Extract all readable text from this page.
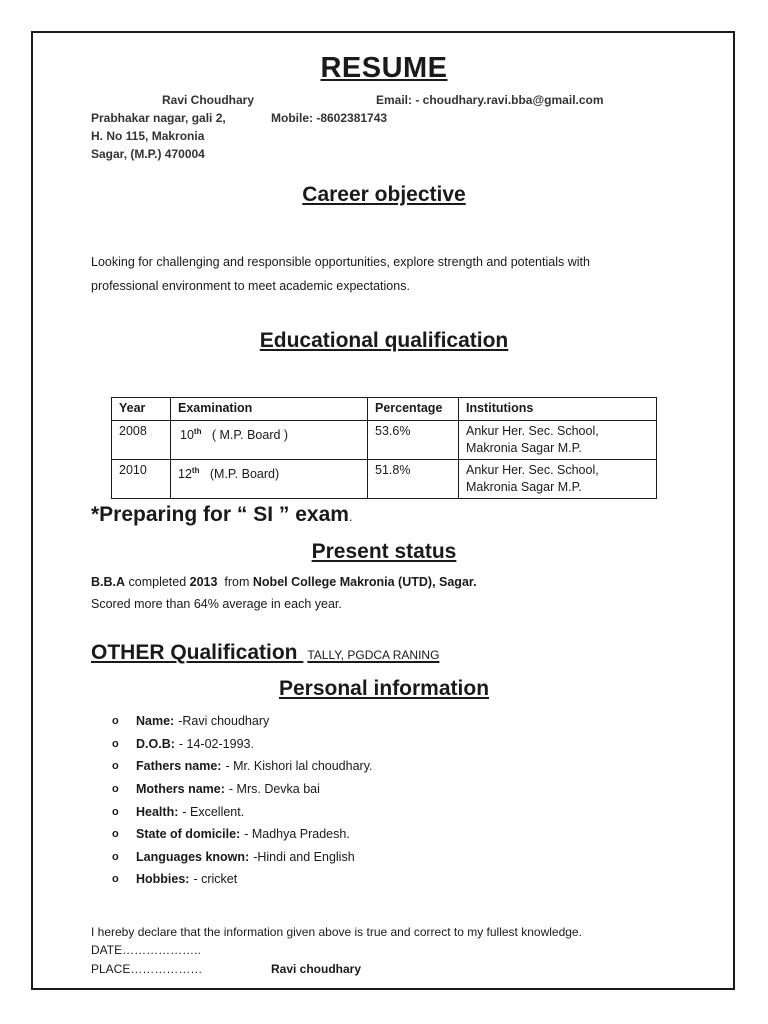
RESUME
Ravi Choudhary	Email: - choudhary.ravi.bba@gmail.com
Prabhakar nagar, gali 2,	Mobile: -8602381743
H. No 115, Makronia
Sagar, (M.P.) 470004
Career objective
Looking for challenging and responsible opportunities, explore strength and potentials with
professional environment to meet academic expectations.
Educational qualification
Year	Examination	Percentage	Institutions
2008	10th   ( M.P. Board )	53.6%	Ankur Her. Sec. School,
Makronia Sagar M.P.

2010	12th   (M.P. Board)	51.8%	Ankur Her. Sec. School,
Makronia Sagar M.P.
*Preparing for “ SI ” exam.
Present status
B.B.A completed 2013  from Nobel College Makronia (UTD), Sagar.
Scored more than 64% average in each year.
OTHER Qualification TALLY, PGDCA RANING
Personal information
o	Name: -Ravi choudhary
o	D.O.B: - 14-02-1993.
o	Fathers name: - Mr. Kishori lal choudhary.
o	Mothers name: - Mrs. Devka bai
o	Health: - Excellent.
o	State of domicile: - Madhya Pradesh.
o	Languages known: -Hindi and English
o	Hobbies: - cricket
I hereby declare that the information given above is true and correct to my fullest knowledge.
DATE………………..
PLACE………………	Ravi choudhary
